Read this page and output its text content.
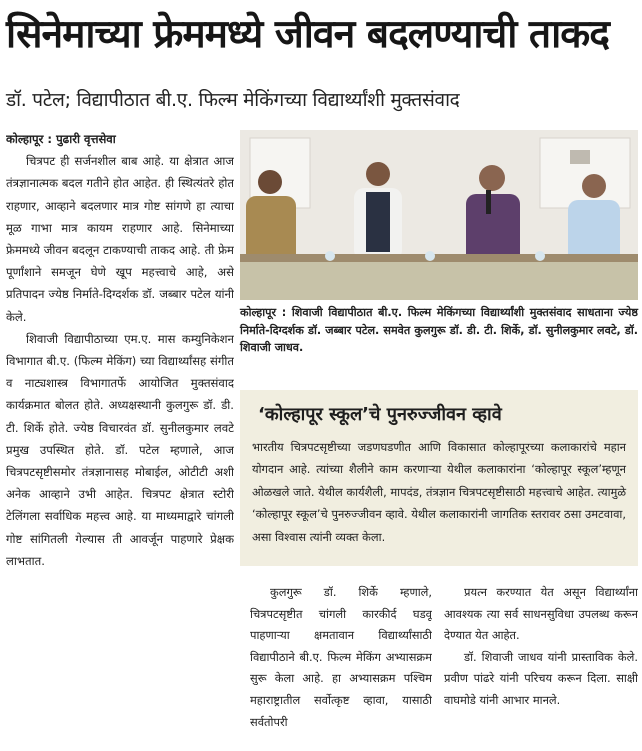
सिनेमाच्या फ्रेममध्ये जीवन बदलण्याची ताकद
डॉ. पटेल; विद्यापीठात बी.ए. फिल्म मेकिंगच्या विद्यार्थ्यांशी मुक्तसंवाद
कोल्हापूर : पुढारी वृत्तसेवा

चित्रपट ही सर्जनशील बाब आहे. या क्षेत्रात आज तंत्रज्ञानात्मक बदल गतीने होत आहेत. ही स्थित्यंतरे होत राहणार, आव्हाने बदलणार मात्र गोष्ट सांगणे हा त्याचा मूळ गाभा मात्र कायम राहणार आहे. सिनेमाच्या फ्रेममध्ये जीवन बदलून टाकण्याची ताकद आहे. ती फ्रेम पूर्णांशाने समजून घेणे खूप महत्त्वाचे आहे, असे प्रतिपादन ज्येष्ठ निर्माते-दिग्दर्शक डॉ. जब्बार पटेल यांनी केले.

शिवाजी विद्यापीठाच्या एम.ए. मास कम्युनिकेशन विभागात बी.ए. (फिल्म मेकिंग) च्या विद्यार्थ्यांसह संगीत व नाट्यशास्त्र विभागातर्फे आयोजित मुक्तसंवाद कार्यक्रमात बोलत होते. अध्यक्षस्थानी कुलगुरू डॉ. डी. टी. शिर्के होते. ज्येष्ठ विचारवंत डॉ. सुनीलकुमार लवटे प्रमुख उपस्थित होते. डॉ. पटेल म्हणाले, आज चित्रपटसृष्टीसमोर तंत्रज्ञानासह मोबाईल, ओटीटी अशी अनेक आव्हाने उभी आहेत. चित्रपट क्षेत्रात स्टोरी टेलिंगला सर्वाधिक महत्त्व आहे. या माध्यमाद्वारे चांगली गोष्ट सांगितली गेल्यास ती आवर्जून पाहणारे प्रेक्षक लाभतात.

कोल्हापूर : शिवाजी विद्यापीठात बी.ए. फिल्म मेकिंगच्या विद्यार्थ्यांशी मुक्तसंवाद साधताना ज्येष्ठ निर्माते-दिग्दर्शक डॉ. जब्बार पटेल. समवेत कुलगुरू डॉ. डी. टी. शिर्के, डॉ. सुनीलकुमार लवटे, डॉ. शिवाजी जाधव.
‘कोल्हापूर स्कूल’चे पुनरुज्जीवन व्हावे
भारतीय चित्रपटसृष्टीच्या जडणघडणीत आणि विकासात कोल्हापूरच्या कलाकारांचे महान योगदान आहे. त्यांच्या शैलीने काम करणाऱ्या येथील कलाकारांना ‘कोल्हापूर स्कूल’म्हणून ओळखले जाते. येथील कार्यशैली, मापदंड, तंत्रज्ञान चित्रपटसृष्टीसाठी महत्त्वाचे आहेत. त्यामुळे ‘कोल्हापूर स्कूल’चे पुनरुज्जीवन व्हावे. येथील कलाकारांनी जागतिक स्तरावर ठसा उमटवावा, असा विश्वास त्यांनी व्यक्त केला.

कुलगुरू डॉ. शिर्के म्हणाले, चित्रपटसृष्टीत चांगली कारकीर्द घडवू पाहणाऱ्या क्षमतावान विद्यार्थ्यांसाठी विद्यापीठाने बी.ए. फिल्म मेकिंग अभ्यासक्रम सुरू केला आहे. हा अभ्यासक्रम पश्चिम महाराष्ट्रातील सर्वोत्कृष्ट व्हावा, यासाठी सर्वतोपरी

प्रयत्न करण्यात येत असून विद्यार्थ्यांना आवश्यक त्या सर्व साधनसुविधा उपलब्ध करून देण्यात येत आहेत.

डॉ. शिवाजी जाधव यांनी प्रास्ताविक केले. प्रवीण पांढरे यांनी परिचय करून दिला. साक्षी वाघमोडे यांनी आभार मानले.
